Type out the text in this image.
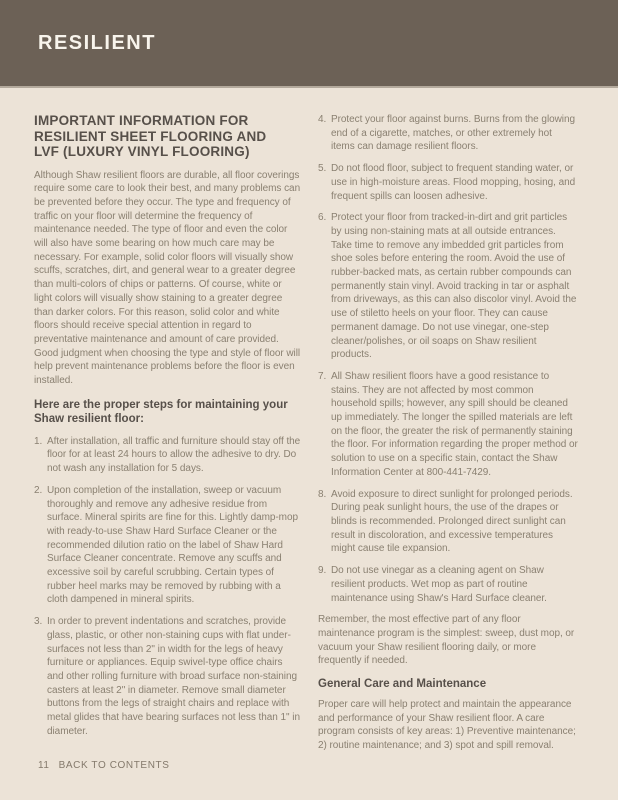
RESILIENT
IMPORTANT INFORMATION FOR
RESILIENT SHEET FLOORING AND
LVF (LUXURY VINYL FLOORING)

Although Shaw resilient floors are durable, all floor coverings require some care to look their best, and many problems can be prevented before they occur. The type and frequency of traffic on your floor will determine the frequency of maintenance needed. The type of floor and even the color will also have some bearing on how much care may be necessary. For example, solid color floors will visually show scuffs, scratches, dirt, and general wear to a greater degree than multi-colors of chips or patterns. Of course, white or light colors will visually show staining to a greater degree than darker colors. For this reason, solid color and white floors should receive special attention in regard to preventative maintenance and amount of care provided. Good judgment when choosing the type and style of floor will help prevent maintenance problems before the floor is even installed.

Here are the proper steps for maintaining your Shaw resilient floor:
1. After installation, all traffic and furniture should stay off the floor for at least 24 hours to allow the adhesive to dry. Do not wash any installation for 5 days.
2. Upon completion of the installation, sweep or vacuum thoroughly and remove any adhesive residue from surface. Mineral spirits are fine for this. Lightly damp-mop with ready-to-use Shaw Hard Surface Cleaner or the recommended dilution ratio on the label of Shaw Hard Surface Cleaner concentrate. Remove any scuffs and excessive soil by careful scrubbing. Certain types of rubber heel marks may be removed by rubbing with a cloth dampened in mineral spirits.
3. In order to prevent indentations and scratches, provide glass, plastic, or other non-staining cups with flat under-surfaces not less than 2" in width for the legs of heavy furniture or appliances. Equip swivel-type office chairs and other rolling furniture with broad surface non-staining casters at least 2" in diameter. Remove small diameter buttons from the legs of straight chairs and replace with metal glides that have bearing surfaces not less than 1" in diameter.
4. Protect your floor against burns. Burns from the glowing end of a cigarette, matches, or other extremely hot items can damage resilient floors.
5. Do not flood floor, subject to frequent standing water, or use in high-moisture areas. Flood mopping, hosing, and frequent spills can loosen adhesive.
6. Protect your floor from tracked-in-dirt and grit particles by using non-staining mats at all outside entrances. Take time to remove any imbedded grit particles from shoe soles before entering the room. Avoid the use of rubber-backed mats, as certain rubber compounds can permanently stain vinyl. Avoid tracking in tar or asphalt from driveways, as this can also discolor vinyl. Avoid the use of stiletto heels on your floor. They can cause permanent damage. Do not use vinegar, one-step cleaner/polishes, or oil soaps on Shaw resilient products.
7. All Shaw resilient floors have a good resistance to stains. They are not affected by most common household spills; however, any spill should be cleaned up immediately. The longer the spilled materials are left on the floor, the greater the risk of permanently staining the floor. For information regarding the proper method or solution to use on a specific stain, contact the Shaw Information Center at 800-441-7429.
8. Avoid exposure to direct sunlight for prolonged periods. During peak sunlight hours, the use of the drapes or blinds is recommended. Prolonged direct sunlight can result in discoloration, and excessive temperatures might cause tile expansion.
9. Do not use vinegar as a cleaning agent on Shaw resilient products. Wet mop as part of routine maintenance using Shaw's Hard Surface cleaner.

Remember, the most effective part of any floor maintenance program is the simplest: sweep, dust mop, or vacuum your Shaw resilient flooring daily, or more frequently if needed.

General Care and Maintenance

Proper care will help protect and maintain the appearance and performance of your Shaw resilient floor. A care program consists of key areas: 1) Preventive maintenance; 2) routine maintenance; and 3) spot and spill removal.

11 BACK TO CONTENTS
